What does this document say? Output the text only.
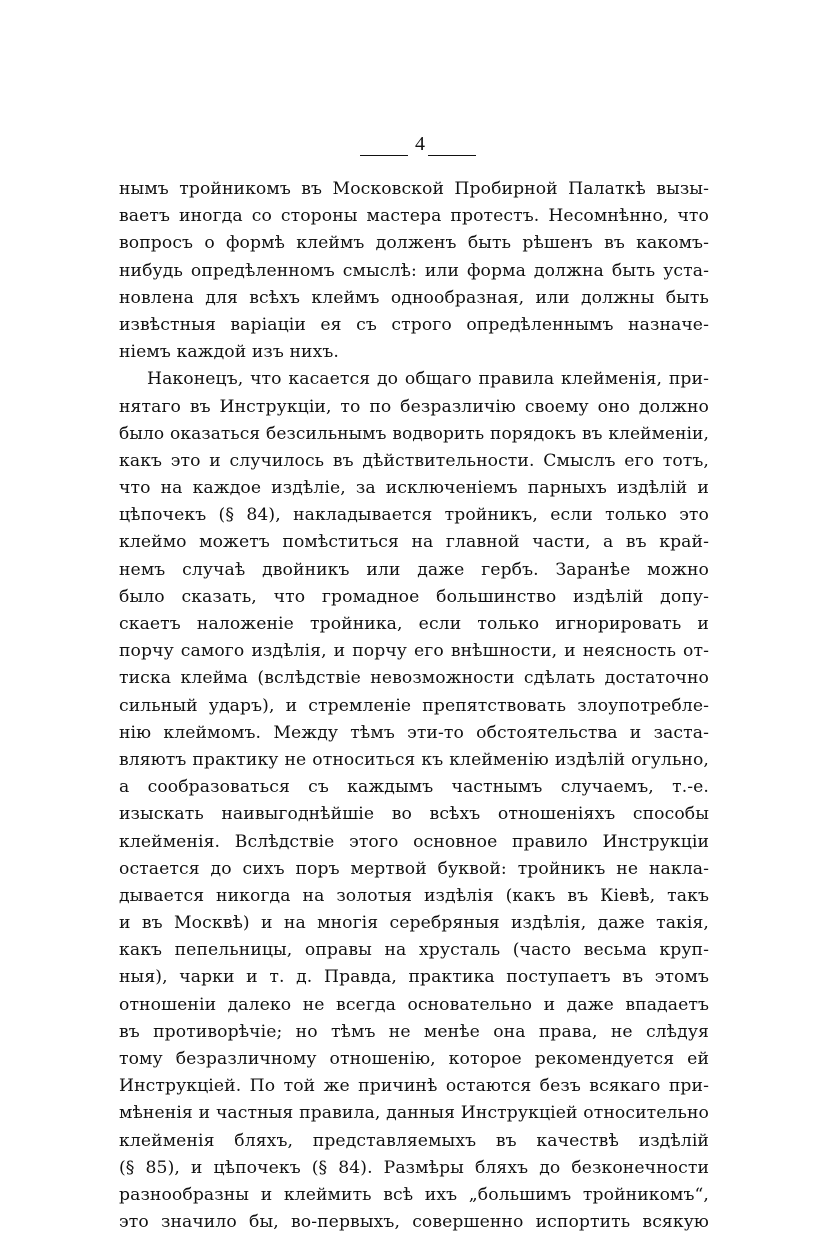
4
нымъ тройникомъ въ Московской Пробирной Палаткѣ вызы-
ваетъ иногда со стороны мастера протестъ. Несомнѣнно, что
вопросъ о формѣ клеймъ долженъ быть рѣшенъ въ какомъ-
нибудь опредѣленномъ смыслѣ: или форма должна быть уста-
новлена для всѣхъ клеймъ однообразная, или должны быть
извѣстныя варіаціи ея съ строго опредѣленнымъ назначе-
ніемъ каждой изъ нихъ.
Наконецъ, что касается до общаго правила клейменія, при-
нятаго въ Инструкціи, то по безразличію своему оно должно
было оказаться безсильнымъ водворить порядокъ въ клейменіи,
какъ это и случилось въ дѣйствительности. Смыслъ его тотъ,
что на каждое издѣліе, за исключеніемъ парныхъ издѣлій и
цѣпочекъ (§ 84), накладывается тройникъ, если только это
клеймо можетъ помѣститься на главной части, а въ край-
немъ случаѣ двойникъ или даже гербъ. Заранѣе можно
было сказать, что громадное большинство издѣлій допу-
скаетъ наложеніе тройника, если только игнорировать и
порчу самого издѣлія, и порчу его внѣшности, и неясность от-
тиска клейма (вслѣдствіе невозможности сдѣлать достаточно
сильный ударъ), и стремленіе препятствовать злоупотребле-
нію клеймомъ. Между тѣмъ эти-то обстоятельства и заста-
вляютъ практику не относиться къ клейменію издѣлій огульно,
а сообразоваться съ каждымъ частнымъ случаемъ, т.-е.
изыскать наивыгоднѣйшіе во всѣхъ отношеніяхъ способы
клейменія. Вслѣдствіе этого основное правило Инструкціи
остается до сихъ поръ мертвой буквой: тройникъ не накла-
дывается никогда на золотыя издѣлія (какъ въ Кіевѣ, такъ
и въ Москвѣ) и на многія серебряныя издѣлія, даже такія,
какъ пепельницы, оправы на хрусталь (часто весьма круп-
ныя), чарки и т. д. Правда, практика поступаетъ въ этомъ
отношеніи далеко не всегда основательно и даже впадаетъ
въ противорѣчіе; но тѣмъ не менѣе она права, не слѣдуя
тому безразличному отношенію, которое рекомендуется ей
Инструкціей. По той же причинѣ остаются безъ всякаго при-
мѣненія и частныя правила, данныя Инструкціей относительно
клейменія бляхъ, представляемыхъ въ качествѣ издѣлій
(§ 85), и цѣпочекъ (§ 84). Размѣры бляхъ до безконечности
разнообразны и клеймить всѣ ихъ „большимъ тройникомъ“,
это значило бы, во-первыхъ, совершенно испортить всякую
